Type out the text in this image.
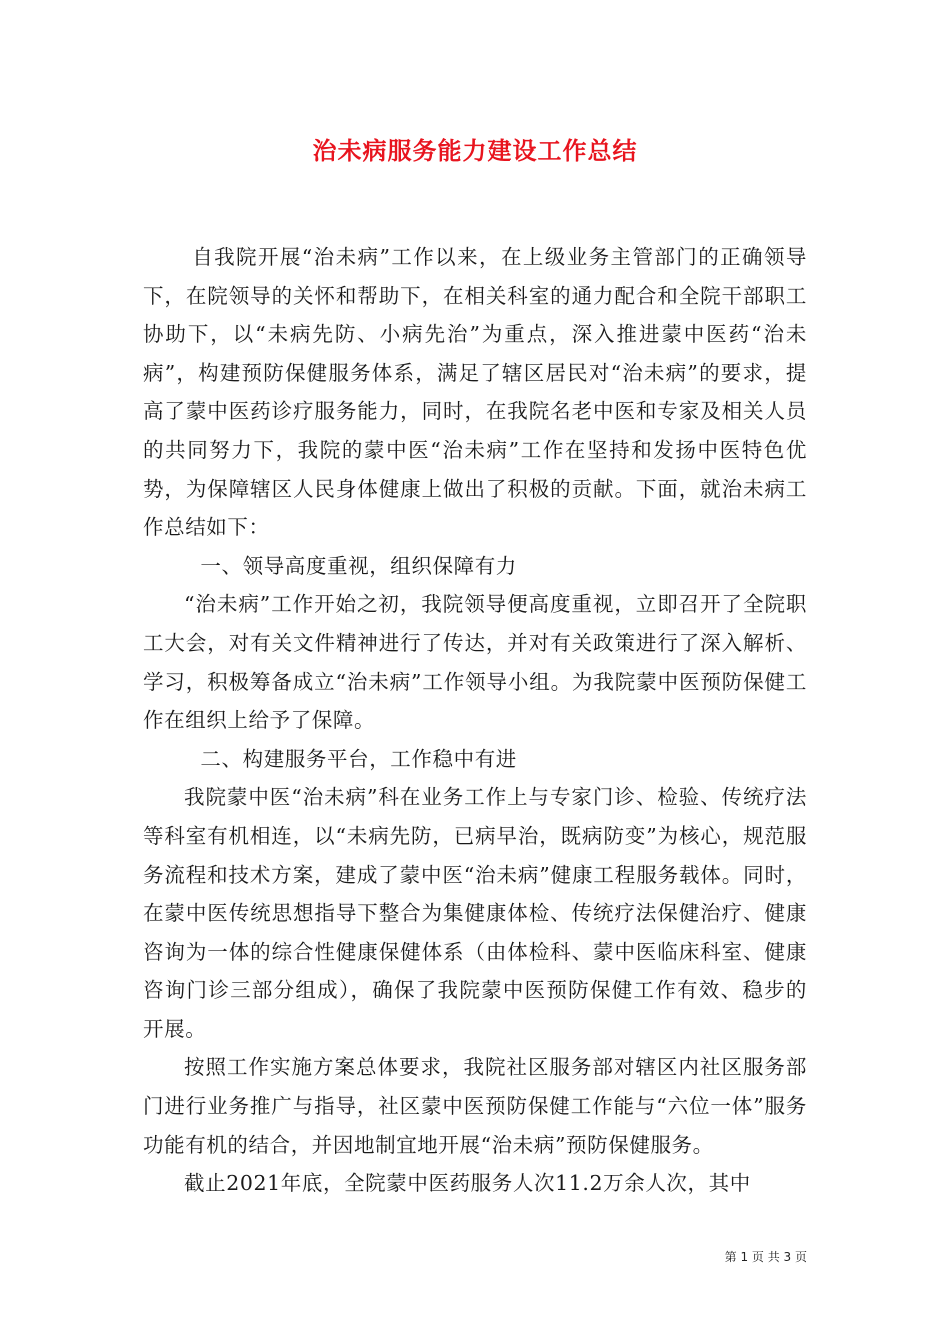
治未病服务能力建设工作总结

自我院开展“治未病”工作以来，在上级业务主管部门的正确领导下，在院领导的关怀和帮助下，在相关科室的通力配合和全院干部职工协助下，以“未病先防、小病先治”为重点，深入推进蒙中医药“治未病”，构建预防保健服务体系，满足了辖区居民对“治未病”的要求，提高了蒙中医药诊疗服务能力，同时，在我院名老中医和专家及相关人员的共同努力下，我院的蒙中医“治未病”工作在坚持和发扬中医特色优势，为保障辖区人民身体健康上做出了积极的贡献。下面，就治未病工作总结如下：

一、领导高度重视，组织保障有力

“治未病”工作开始之初，我院领导便高度重视，立即召开了全院职工大会，对有关文件精神进行了传达，并对有关政策进行了深入解析、学习，积极筹备成立“治未病”工作领导小组。为我院蒙中医预防保健工作在组织上给予了保障。

二、构建服务平台，工作稳中有进

我院蒙中医“治未病”科在业务工作上与专家门诊、检验、传统疗法等科室有机相连，以“未病先防，已病早治，既病防变”为核心，规范服务流程和技术方案，建成了蒙中医“治未病”健康工程服务载体。同时，在蒙中医传统思想指导下整合为集健康体检、传统疗法保健治疗、健康咨询为一体的综合性健康保健体系（由体检科、蒙中医临床科室、健康咨询门诊三部分组成），确保了我院蒙中医预防保健工作有效、稳步的开展。

按照工作实施方案总体要求，我院社区服务部对辖区内社区服务部门进行业务推广与指导，社区蒙中医预防保健工作能与“六位一体”服务功能有机的结合，并因地制宜地开展“治未病”预防保健服务。

截止2021年底，全院蒙中医药服务人次11.2万余人次，其中

第 1 页 共 3 页
